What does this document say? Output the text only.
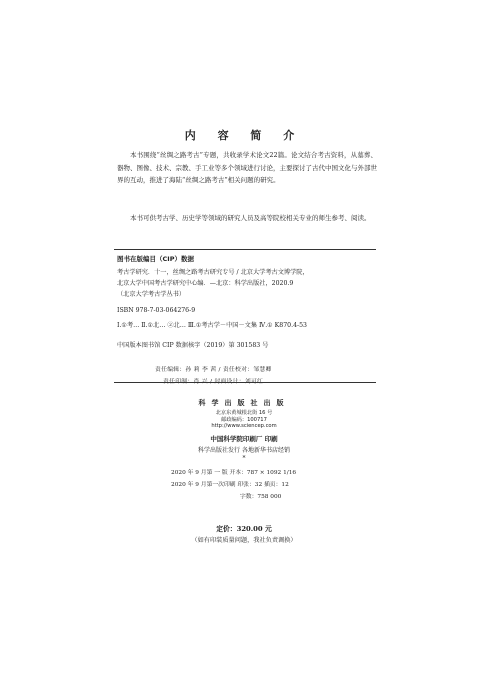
内 容 简 介
本书围绕“丝绸之路考古”专题，共收录学术论文22篇。论文结合考古资料，从墓葬、器物、图像、技术、宗教、手工业等多个领域进行讨论，主要探讨了古代中国文化与外部世界的互动，推进了海陆“丝绸之路考古”相关问题的研究。
本书可供考古学、历史学等领域的研究人员及高等院校相关专业的师生参考、阅读。
图书在版编目（CIP）数据
考古学研究．十一，丝绸之路考古研究专号 / 北京大学考古文博学院，
北京大学中国考古学研究中心编．—北京：科学出版社，2020.9
（北京大学考古学丛书）
ISBN 978-7-03-064276-9
Ⅰ.①考… Ⅱ.①北… ②北… Ⅲ.①考古学－中国－文集 Ⅳ.① K870.4-53
中国版本图书馆 CIP 数据核字（2019）第 301583 号
责任编辑：孙 莉 李 茜 / 责任校对：邹慧卿
责任印制：肖 兴 / 封面设计：刘可红
科学出版社出版
北京东黄城根北街 16 号
邮政编码：100717
http://www.sciencep.com
中国科学院印刷厂 印刷
科学出版社发行 各地新华书店经销
*
2020 年 9 月第 一 版 开本：787 × 1092 1/16
2020 年 9 月第一次印刷 印张：32 插页：12
字数：758 000
定价：320.00 元
（如有印装质量问题，我社负责调换）
